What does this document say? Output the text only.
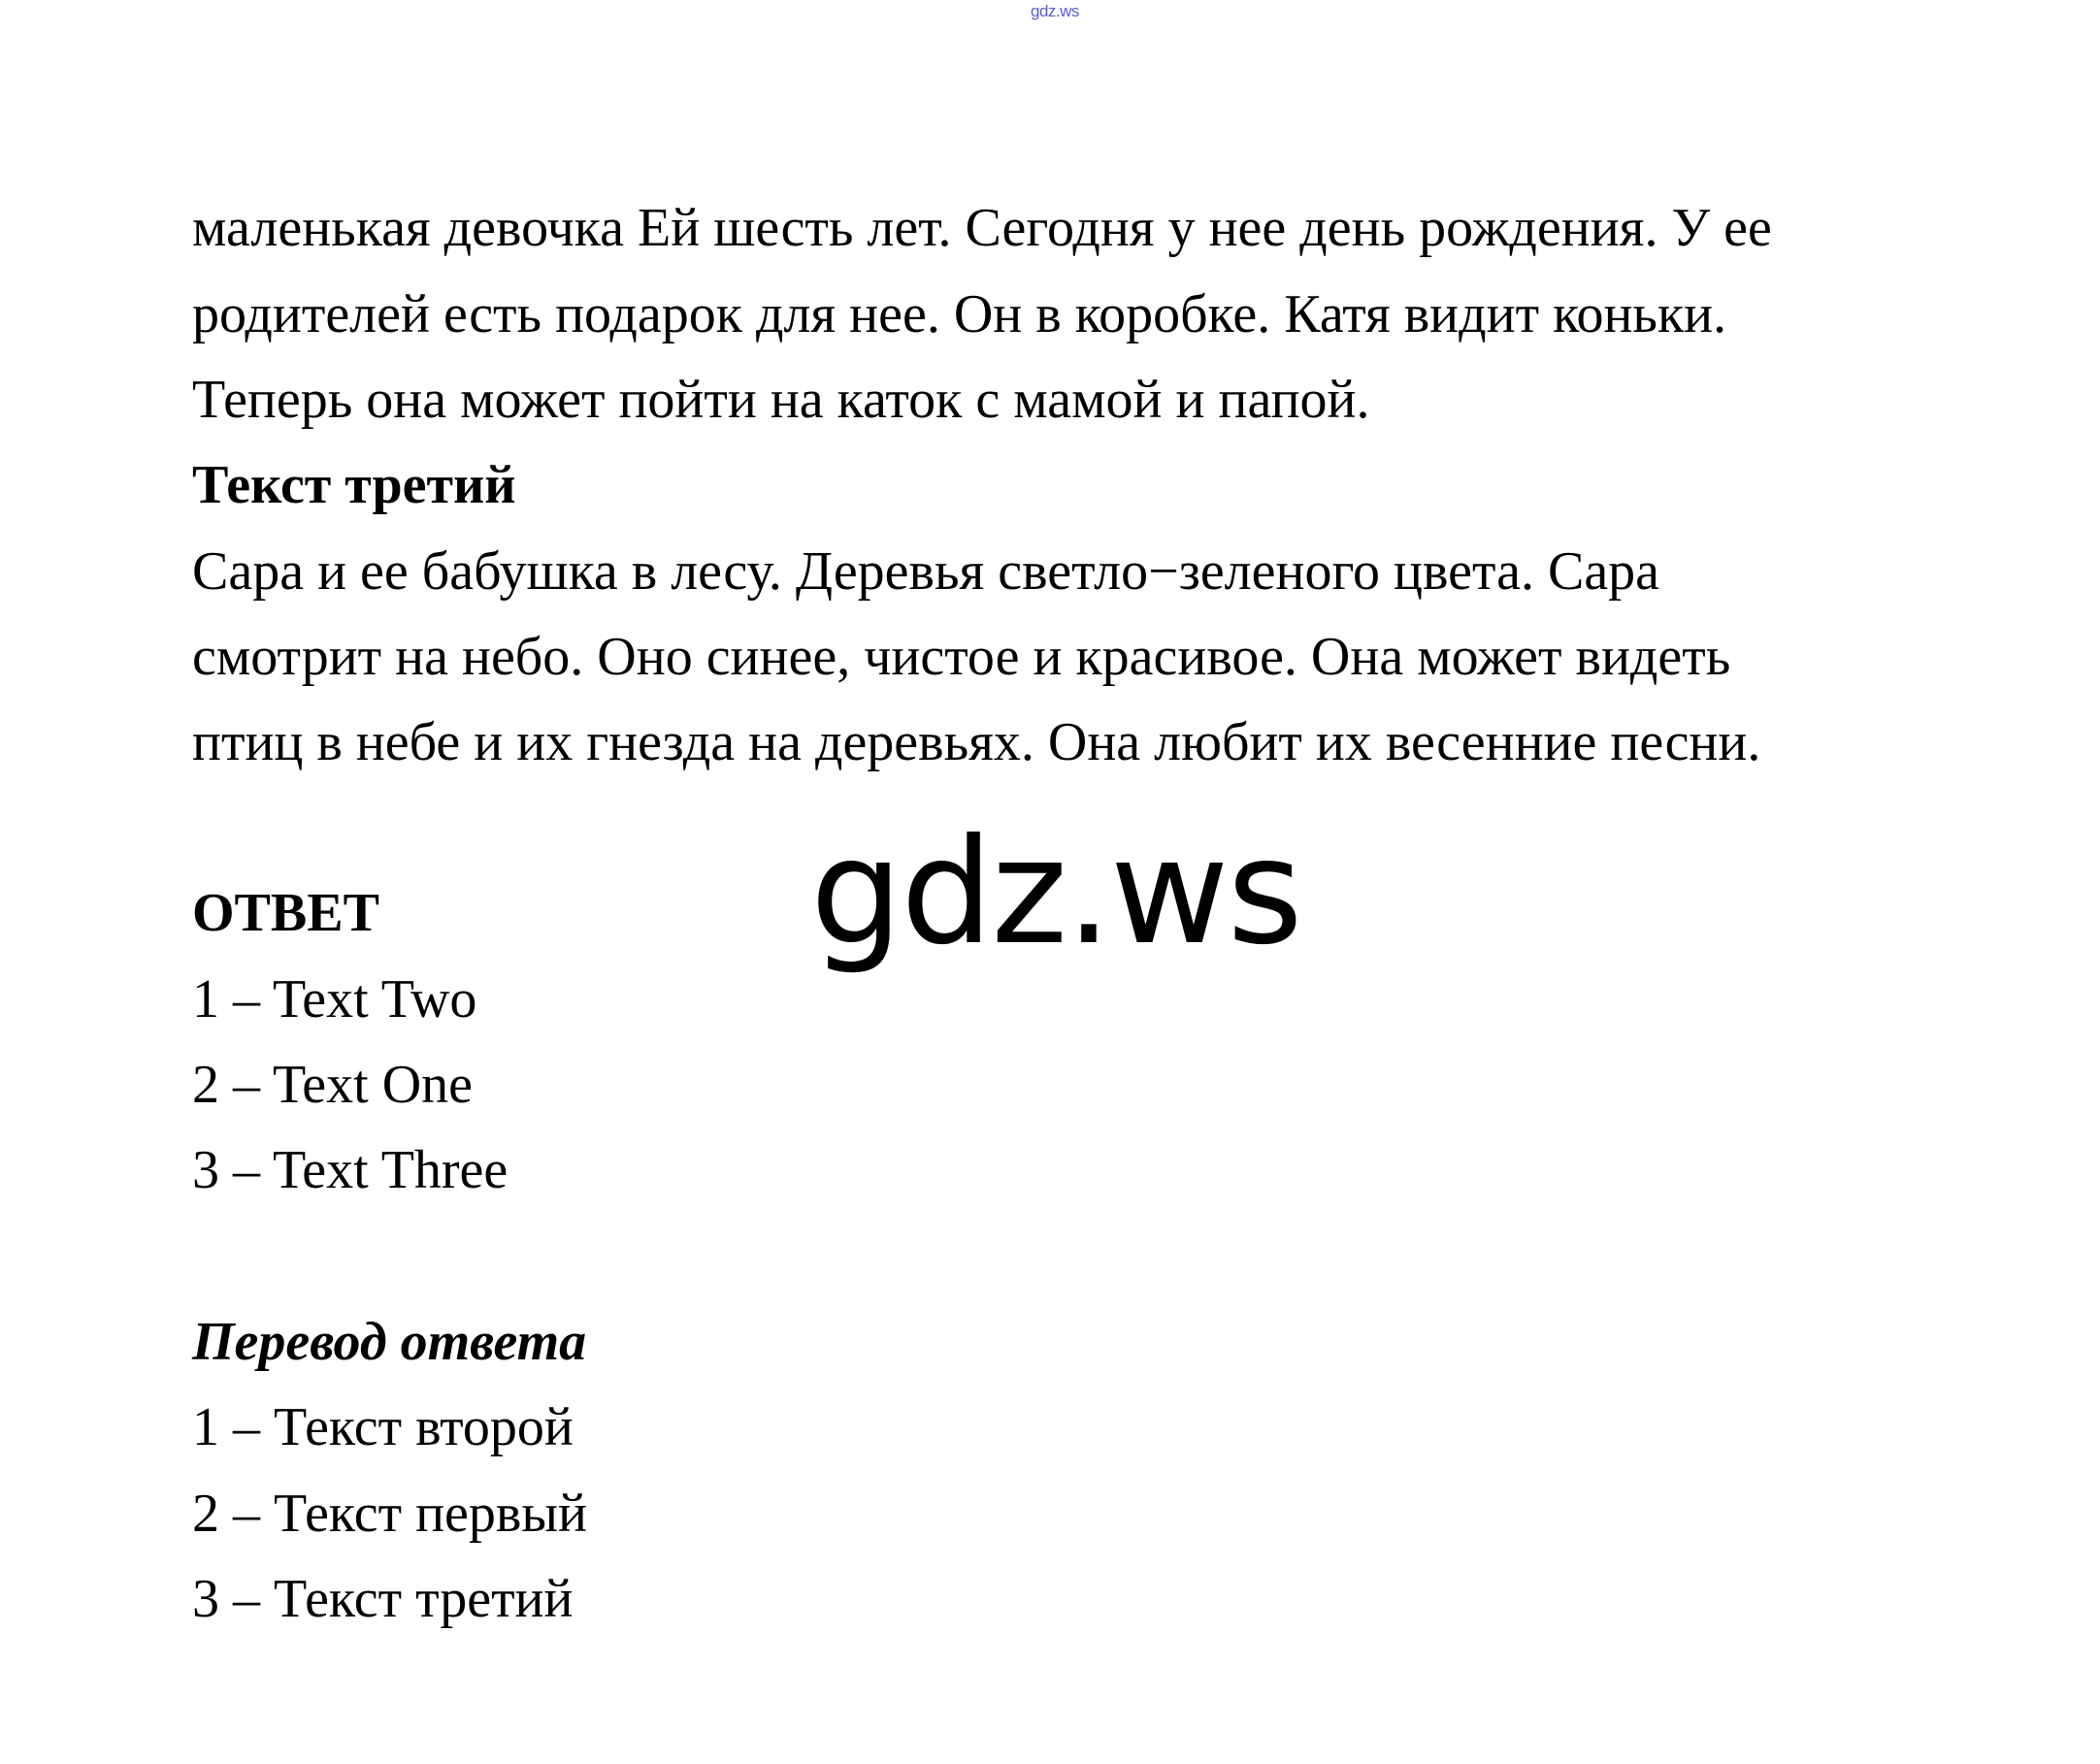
gdz.ws
маленькая девочка Ей шесть лет. Сегодня у нее день рождения. У ее
родителей есть подарок для нее. Он в коробке. Катя видит коньки.
Теперь она может пойти на каток с мамой и папой.
Текст третий
Сара и ее бабушка в лесу. Деревья светло−зеленого цвета. Сара
смотрит на небо. Оно синее, чистое и красивое. Она может видеть
птиц в небе и их гнезда на деревьях. Она любит их весенние песни.
ОТВЕТ
1 – Text Two
2 – Text One
3 – Text Three
gdz.ws
Перевод ответа
1 – Текст второй
2 – Текст первый
3 – Текст третий
